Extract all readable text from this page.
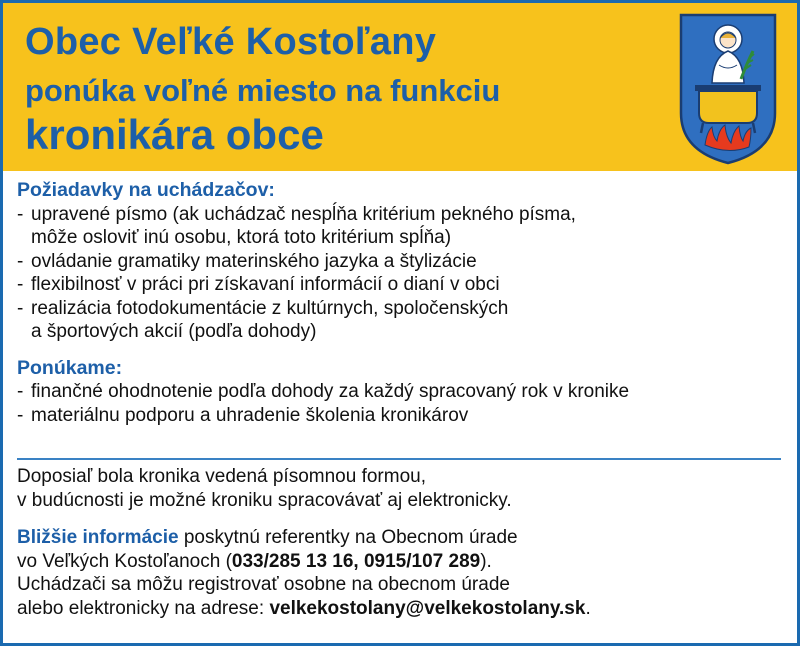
Obec Veľké Kostoľany
ponúka voľné miesto na funkciu
kronikára obce

Požiadavky na uchádzačov:

- upravené písmo (ak uchádzač nespĺňa kritérium pekného písma,

môže osloviť inú osobu, ktorá toto kritérium spĺňa)

- ovládanie gramatiky materinského jazyka a štylizácie

- flexibilnosť v práci pri získavaní informácií o dianí v obci

- realizácia fotodokumentácie z kultúrnych, spoločenských

a športových akcií (podľa dohody)

Ponúkame:

- finančné ohodnotenie podľa dohody za každý spracovaný rok v kronike

- materiálnu podporu a uhradenie školenia kronikárov

Doposiaľ bola kronika vedená písomnou formou,

v budúcnosti je možné kroniku spracovávať aj elektronicky.

Bližšie informácie poskytnú referentky na Obecnom úrade

vo Veľkých Kostoľanoch (033/285 13 16, 0915/107 289).

Uchádzači sa môžu registrovať osobne na obecnom úrade

alebo elektronicky na adrese: velkekostolany@velkekostolany.sk.
